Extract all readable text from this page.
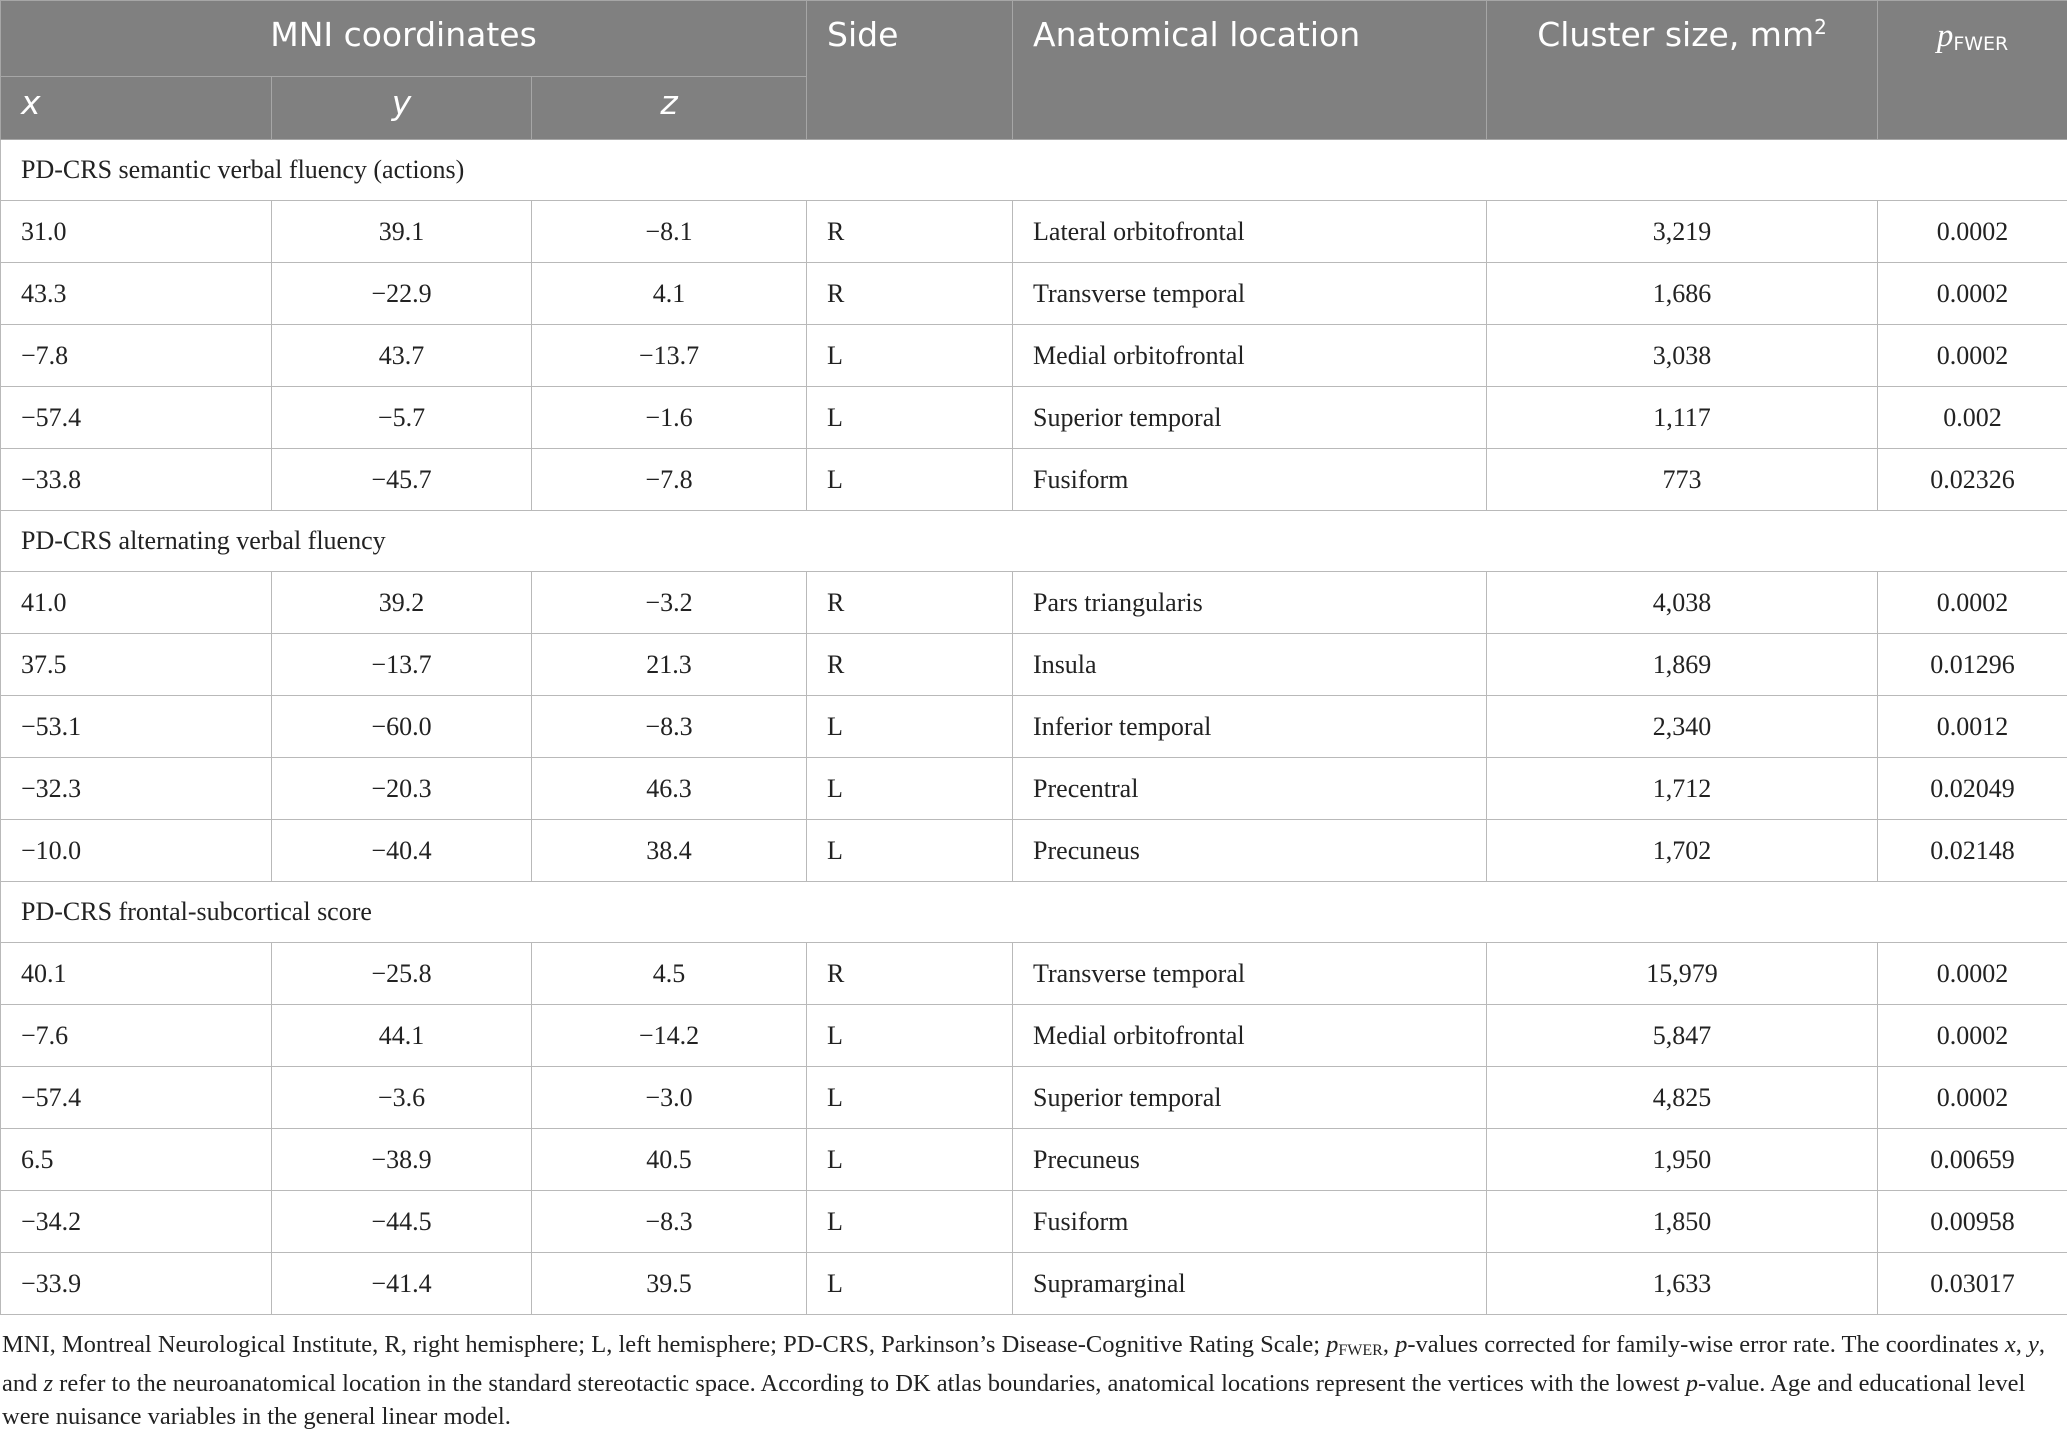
MNI coordinates			Side	Anatomical location	Cluster size, $mm^2$	$p_{FWER}$
x	y	z				
PD-CRS semantic verbal fluency (actions)						
31.0	39.1	−8.1	R	Lateral orbitofrontal	3,219	0.0002
43.3	−22.9	4.1	R	Transverse temporal	1,686	0.0002
−7.8	43.7	−13.7	L	Medial orbitofrontal	3,038	0.0002
−57.4	−5.7	−1.6	L	Superior temporal	1,117	0.002
−33.8	−45.7	−7.8	L	Fusiform	773	0.02326
PD-CRS alternating verbal fluency						
41.0	39.2	−3.2	R	Pars triangularis	4,038	0.0002
37.5	−13.7	21.3	R	Insula	1,869	0.01296
−53.1	−60.0	−8.3	L	Inferior temporal	2,340	0.0012
−32.3	−20.3	46.3	L	Precentral	1,712	0.02049
−10.0	−40.4	38.4	L	Precuneus	1,702	0.02148
PD-CRS frontal-subcortical score						
40.1	−25.8	4.5	R	Transverse temporal	15,979	0.0002
−7.6	44.1	−14.2	L	Medial orbitofrontal	5,847	0.0002
−57.4	−3.6	−3.0	L	Superior temporal	4,825	0.0002
6.5	−38.9	40.5	L	Precuneus	1,950	0.00659
−34.2	−44.5	−8.3	L	Fusiform	1,850	0.00958
−33.9	−41.4	39.5	L	Supramarginal	1,633	0.03017
MNI, Montreal Neurological Institute, R, right hemisphere; L, left hemisphere; PD-CRS, Parkinson’s Disease-Cognitive Rating Scale; $p_{FWER}$, p-values corrected for family-wise error rate. The coordinates x, y, and z refer to the neuroanatomical location in the standard stereotactic space. According to DK atlas boundaries, anatomical locations represent the vertices with the lowest p-value. Age and educational level were nuisance variables in the general linear model.
